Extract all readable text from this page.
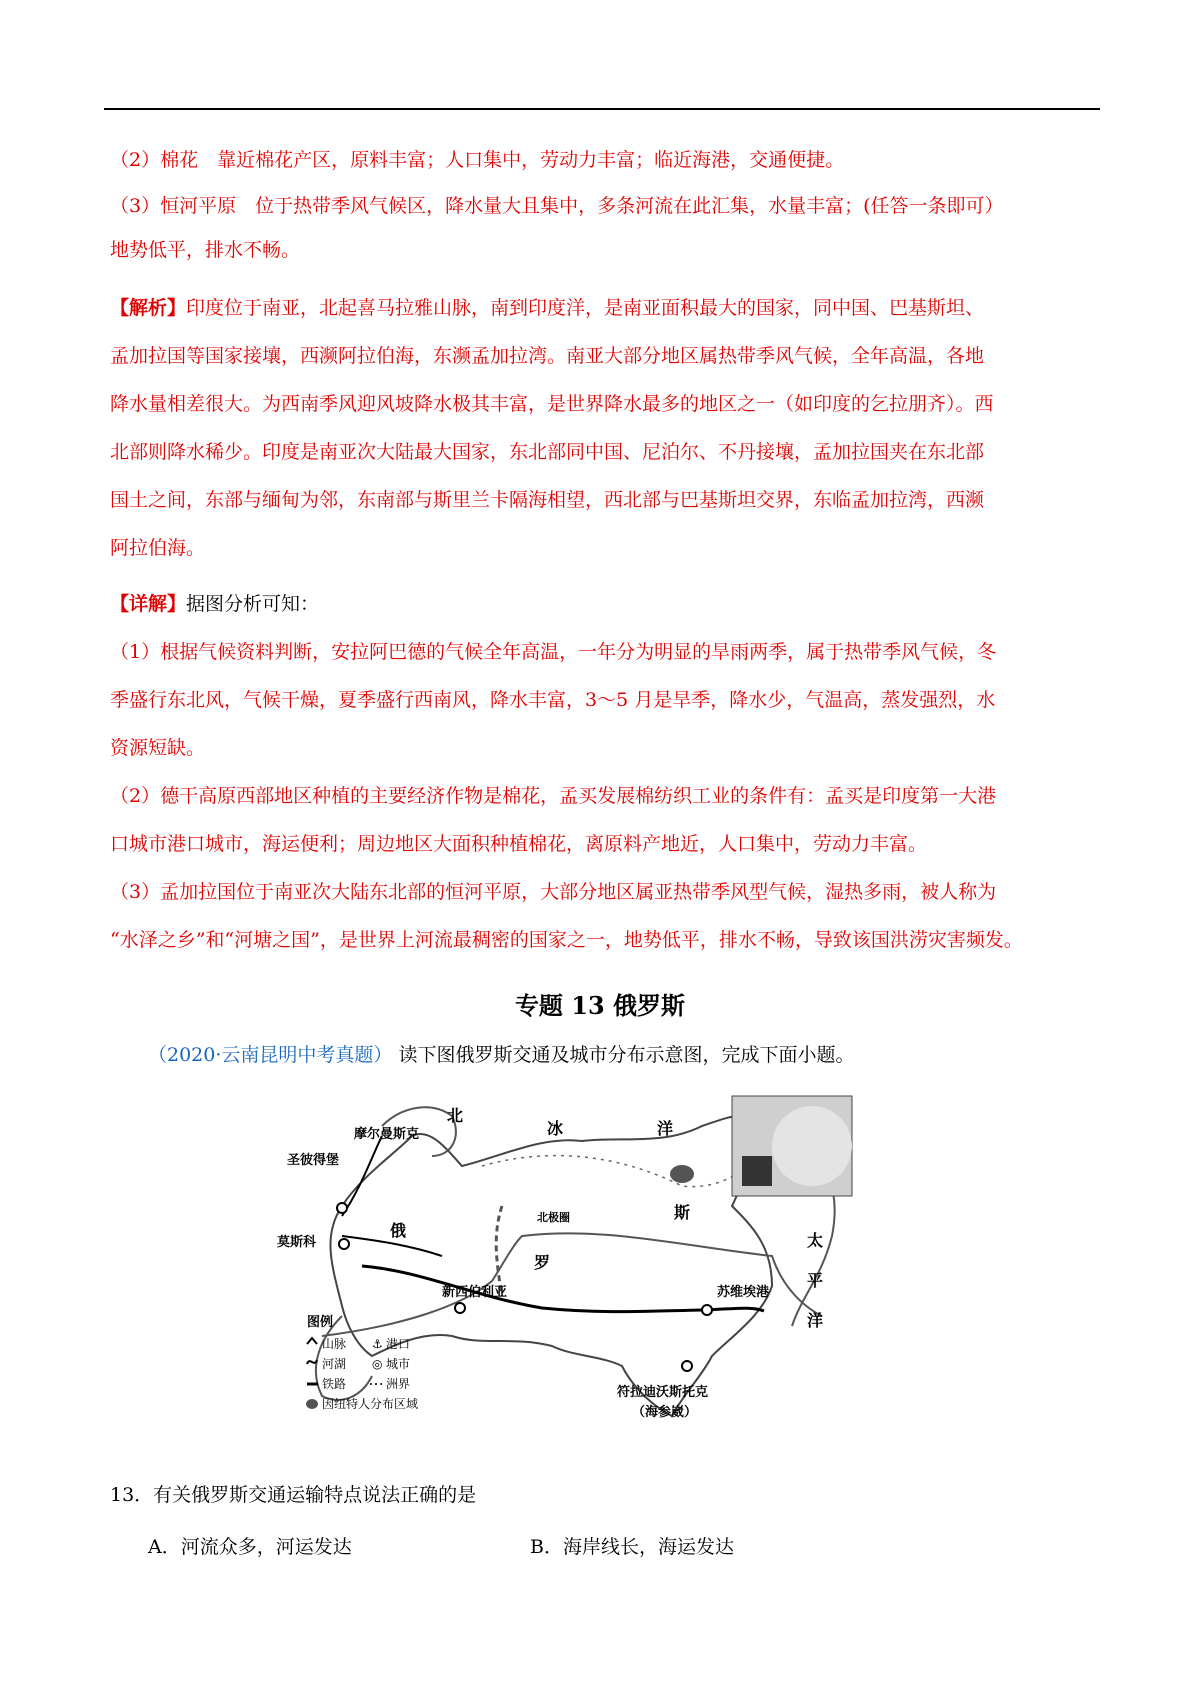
（2）棉花　靠近棉花产区，原料丰富；人口集中，劳动力丰富；临近海港，交通便捷。

（3）恒河平原　位于热带季风气候区，降水量大且集中，多条河流在此汇集，水量丰富；(任答一条即可）

地势低平，排水不畅。

【解析】印度位于南亚，北起喜马拉雅山脉，南到印度洋，是南亚面积最大的国家，同中国、巴基斯坦、

孟加拉国等国家接壤，西濒阿拉伯海，东濒孟加拉湾。南亚大部分地区属热带季风气候，全年高温，各地

降水量相差很大。为西南季风迎风坡降水极其丰富，是世界降水最多的地区之一（如印度的乞拉朋齐）。西

北部则降水稀少。印度是南亚次大陆最大国家，东北部同中国、尼泊尔、不丹接壤，孟加拉国夹在东北部

国土之间，东部与缅甸为邻，东南部与斯里兰卡隔海相望，西北部与巴基斯坦交界，东临孟加拉湾，西濒

阿拉伯海。

【详解】据图分析可知：

（1）根据气候资料判断，安拉阿巴德的气候全年高温，一年分为明显的旱雨两季，属于热带季风气候，冬

季盛行东北风，气候干燥，夏季盛行西南风，降水丰富，3～5 月是旱季，降水少，气温高，蒸发强烈，水

资源短缺。

（2）德干高原西部地区种植的主要经济作物是棉花，孟买发展棉纺织工业的条件有：孟买是印度第一大港

口城市港口城市，海运便利；周边地区大面积种植棉花，离原料产地近，人口集中，劳动力丰富。

（3）孟加拉国位于南亚次大陆东北部的恒河平原，大部分地区属亚热带季风型气候，湿热多雨，被人称为

“水泽之乡”和“河塘之国”，是世界上河流最稠密的国家之一，地势低平，排水不畅，导致该国洪涝灾害频发。

专题 13 俄罗斯
（2020·云南昆明中考真题） 读下图俄罗斯交通及城市分布示意图，完成下面小题。
摩尔曼斯克
圣彼得堡
莫斯科
新西伯利亚	苏维埃港
符拉迪沃斯托克
（海参崴）
北极圈
北
冰	洋
太
平
洋
俄
罗
斯
图例
山脉 ⚓ 港口
河湖 ◎ 城市
铁路	洲界
因纽特人分布区域
13．有关俄罗斯交通运输特点说法正确的是
A．河流众多，河运发达	B．海岸线长，海运发达
